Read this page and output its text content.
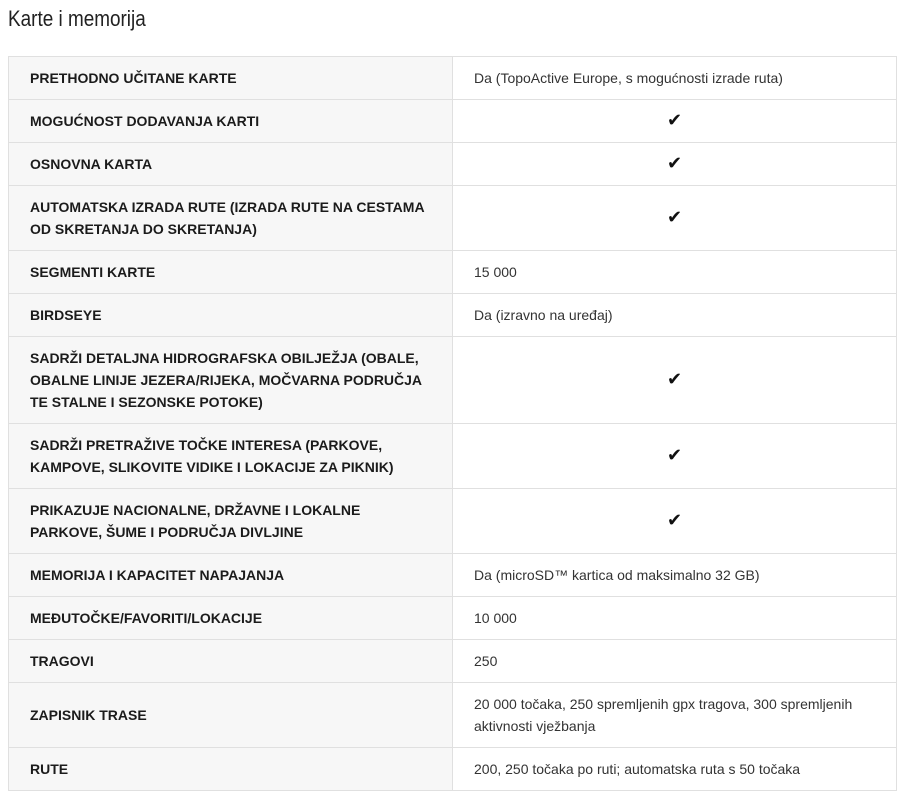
Karte i memorija
PRETHODNO UČITANE KARTE	Da (TopoActive Europe, s mogućnosti izrade ruta)
MOGUĆNOST DODAVANJA KARTI	✔
OSNOVNA KARTA	✔
AUTOMATSKA IZRADA RUTE (IZRADA RUTE NA CESTAMA OD SKRETANJA DO SKRETANJA)	✔
SEGMENTI KARTE	15 000
BIRDSEYE	Da (izravno na uređaj)
SADRŽI DETALJNA HIDROGRAFSKA OBILJEŽJA (OBALE, OBALNE LINIJE JEZERA/RIJEKA, MOČVARNA PODRUČJA TE STALNE I SEZONSKE POTOKE)	✔
SADRŽI PRETRAŽIVE TOČKE INTERESA (PARKOVE, KAMPOVE, SLIKOVITE VIDIKE I LOKACIJE ZA PIKNIK)	✔
PRIKAZUJE NACIONALNE, DRŽAVNE I LOKALNE PARKOVE, ŠUME I PODRUČJA DIVLJINE	✔
MEMORIJA I KAPACITET NAPAJANJA	Da (microSD™ kartica od maksimalno 32 GB)
MEĐUTOČKE/FAVORITI/LOKACIJE	10 000
TRAGOVI	250
ZAPISNIK TRASE	20 000 točaka, 250 spremljenih gpx tragova, 300 spremljenih aktivnosti vježbanja
RUTE	200, 250 točaka po ruti; automatska ruta s 50 točaka
